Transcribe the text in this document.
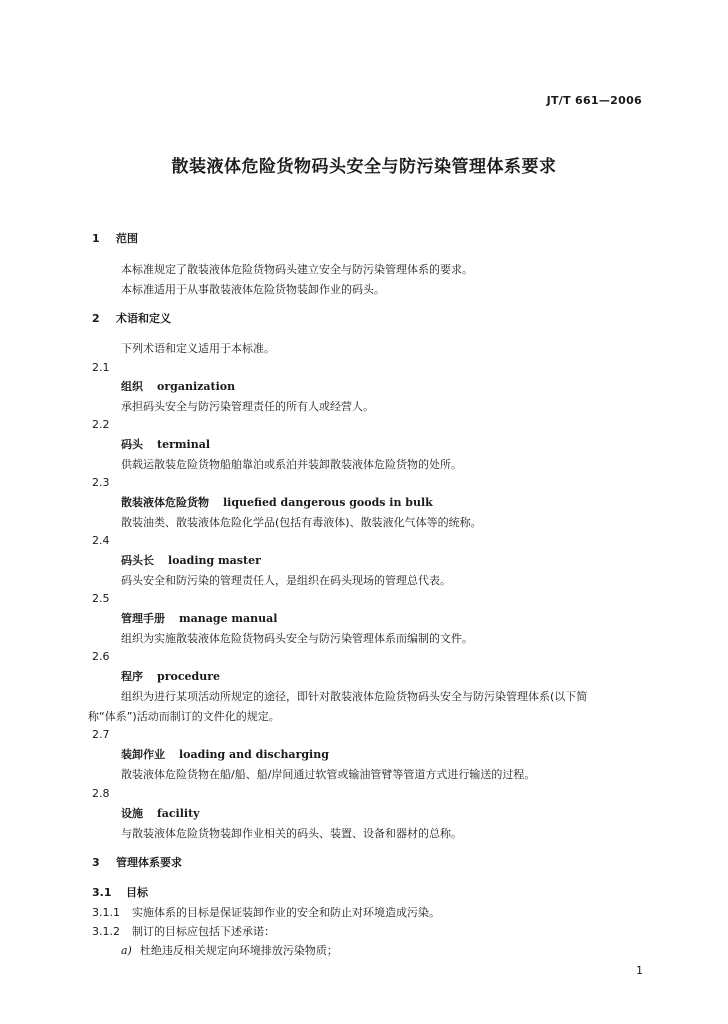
JT/T 661—2006
散装液体危险货物码头安全与防污染管理体系要求
1 范围
本标准规定了散装液体危险货物码头建立安全与防污染管理体系的要求。
本标准适用于从事散装液体危险货物装卸作业的码头。
2 术语和定义
下列术语和定义适用于本标准。
2.1
组织 organization
承担码头安全与防污染管理责任的所有人或经营人。
2.2
码头 terminal
供载运散装危险货物船舶靠泊或系泊并装卸散装液体危险货物的处所。
2.3
散装液体危险货物 liquefied dangerous goods in bulk
散装油类、散装液体危险化学品(包括有毒液体)、散装液化气体等的统称。
2.4
码头长 loading master
码头安全和防污染的管理责任人，是组织在码头现场的管理总代表。
2.5
管理手册 manage manual
组织为实施散装液体危险货物码头安全与防污染管理体系而编制的文件。
2.6
程序 procedure
组织为进行某项活动所规定的途径，即针对散装液体危险货物码头安全与防污染管理体系(以下简
称“体系”)活动而制订的文件化的规定。
2.7
装卸作业 loading and discharging
散装液体危险货物在船/船、船/岸间通过软管或输油管臂等管道方式进行输送的过程。
2.8
设施 facility
与散装液体危险货物装卸作业相关的码头、装置、设备和器材的总称。
3 管理体系要求
3.1 目标
3.1.1 实施体系的目标是保证装卸作业的安全和防止对环境造成污染。
3.1.2 制订的目标应包括下述承诺：
a) 杜绝违反相关规定向环境排放污染物质；
1
